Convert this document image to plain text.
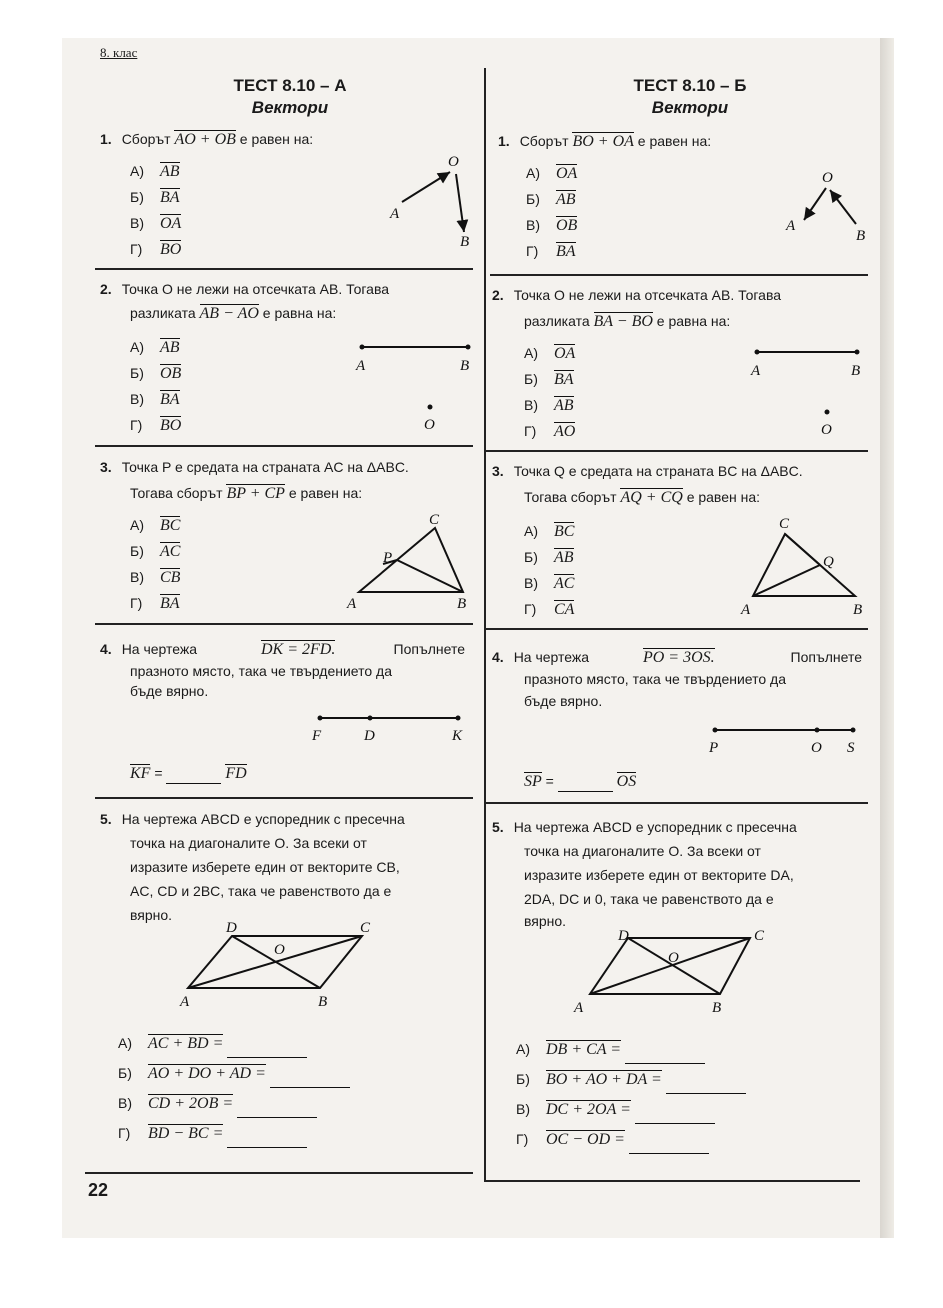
8. клас
ТЕСТ 8.10 – А
Вектори
1. Сборът AO + OB е равен на:
А) AB
Б) BA
В) OA
Г) BO
A
O
B
2. Точка O не лежи на отсечката AB. Тогава
разликата AB − AO е равна на:
А) AB
Б) OB
В) BA
Г) BO
A	B
O
3. Точка P е средата на страната AC на ΔABC.
Тогава сборът BP + CP е равен на:
А) BC
Б) AC
В) CB
Г) BA	A	B
C
P
4. На чертежа	DK = 2FD.	Попълнете
празното място, така че твърдението да
бъде вярно.
F	D	K
KF =	FD
5. На чертежа ABCD е успоредник с пресечна
точка на диагоналите O. За всеки от
изразите изберете един от векторите CB,
AC, CD и 2BC, така че равенството да е
вярно.
A	B
C
D
O
А) AC + BD =
Б) AO + DO + AD =
В) CD + 2OB =
Г) BD − BC =
ТЕСТ 8.10 – Б
Вектори
1. Сборът BO + OA е равен на:
А) OA
Б) AB
В) OB
Г) BA
A
O
B
2. Точка O не лежи на отсечката AB. Тогава
разликата BA − BO е равна на:
А) OA
Б) BA
В) AB
Г) AO
A	B
O
3. Точка Q е средата на страната BC на ΔABC.
Тогава сборът AQ + CQ е равен на:
А) BC
Б) AB
В) AC
Г) CA	A	B
C
Q
4. На чертежа	PO = 3OS.	Попълнете
празното място, така че твърдението да
бъде вярно.
P	O S
SP =	OS
5. На чертежа ABCD е успоредник с пресечна
точка на диагоналите O. За всеки от
изразите изберете един от векторите DA,
2DA, DC и 0, така че равенството да е
вярно.
A	B
C
D
O
А) DB + CA =
Б) BO + AO + DA =
В) DC + 2OA =
Г) OC − OD =
22
